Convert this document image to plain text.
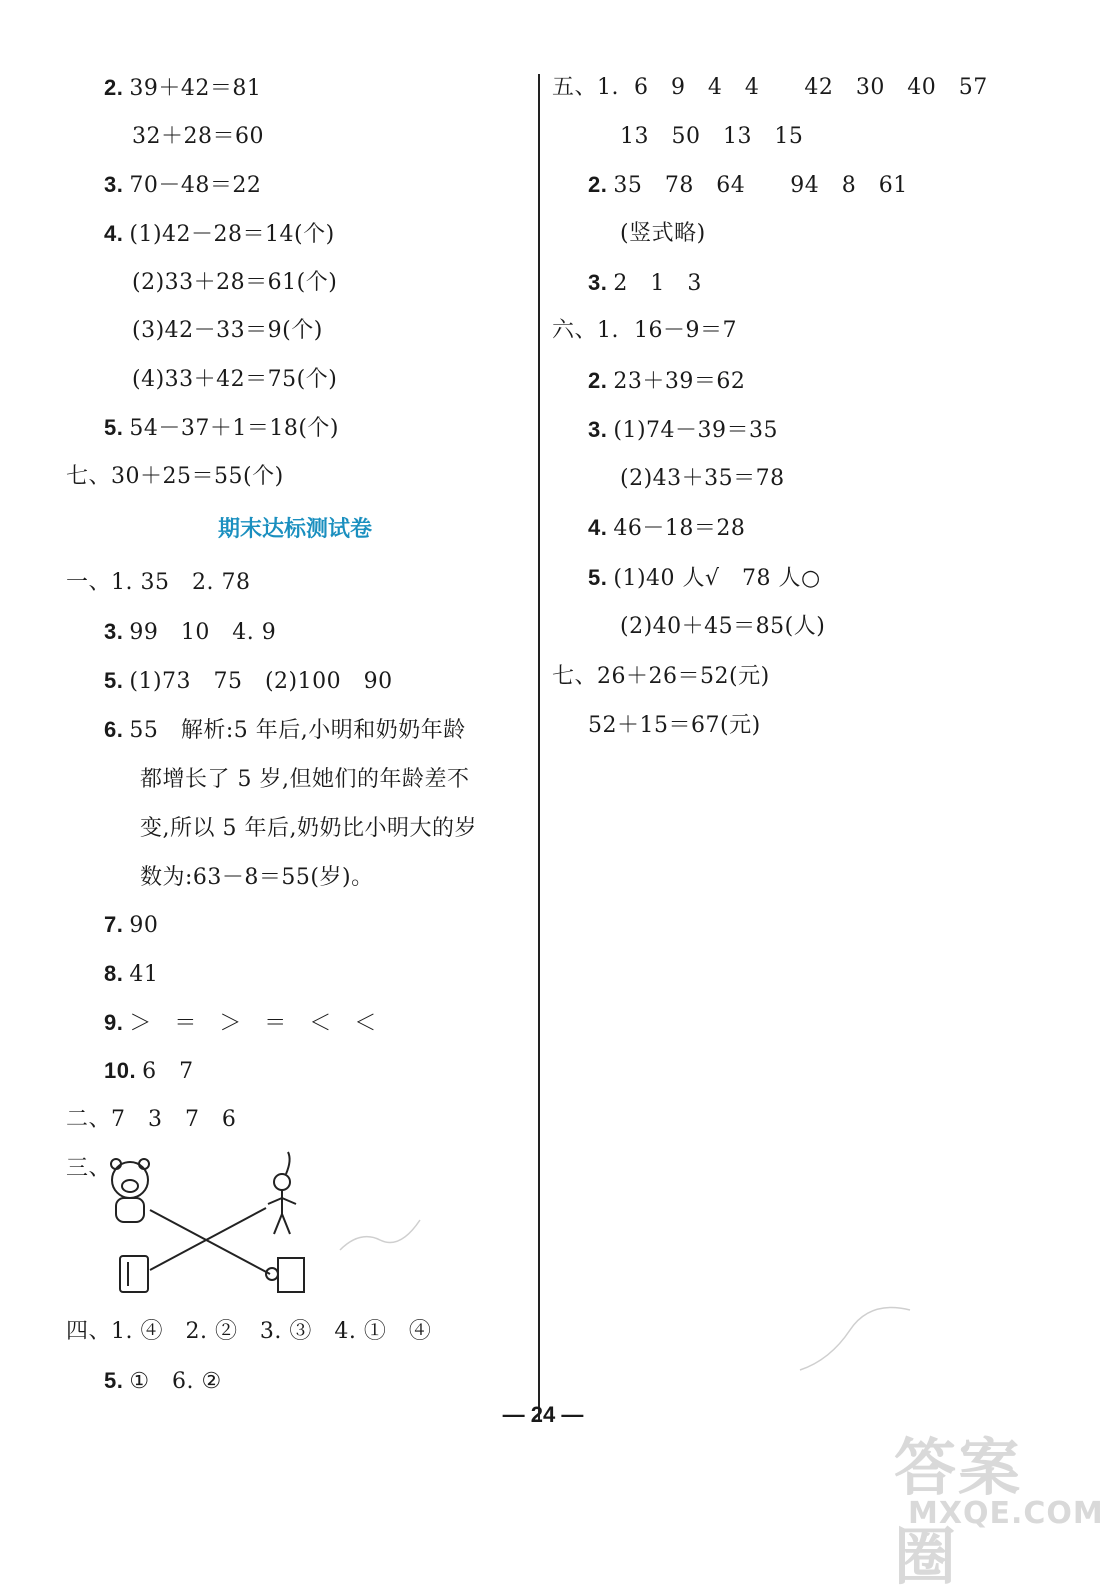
2. 39＋42＝81
32＋28＝60
3. 70－48＝22
4. (1)42－28＝14(个)
(2)33＋28＝61(个)
(3)42－33＝9(个)
(4)33＋42＝75(个)
5. 54－37＋1＝18(个)
七、30＋25＝55(个)
期末达标测试卷
一、1. 35   2. 78
3. 99   10   4. 9
5. (1)73   75   (2)100   90
6. 55   解析:5 年后,小明和奶奶年龄
都增长了 5 岁,但她们的年龄差不
变,所以 5 年后,奶奶比小明大的岁
数为:63－8＝55(岁)。
7. 90
8. 41
9. ＞   ＝   ＞   ＝   ＜   ＜
10. 6   7
二、7   3   7   6
三、
四、1. ④   2. ②   3. ③   4. ①   ④
5. ①   6. ②
五、1.  6   9   4   4      42   30   40   57
13   50   13   15
2. 35   78   64      94   8   61
(竖式略)
3. 2   1   3
六、1.  16－9＝7
2. 23＋39＝62
3. (1)74－39＝35
(2)43＋35＝78
4. 46－18＝28
5. (1)40 人√   78 人○
(2)40＋45＝85(人)
七、26＋26＝52(元)
52＋15＝67(元)
— 24 —
答案圈
MXQE.COM
